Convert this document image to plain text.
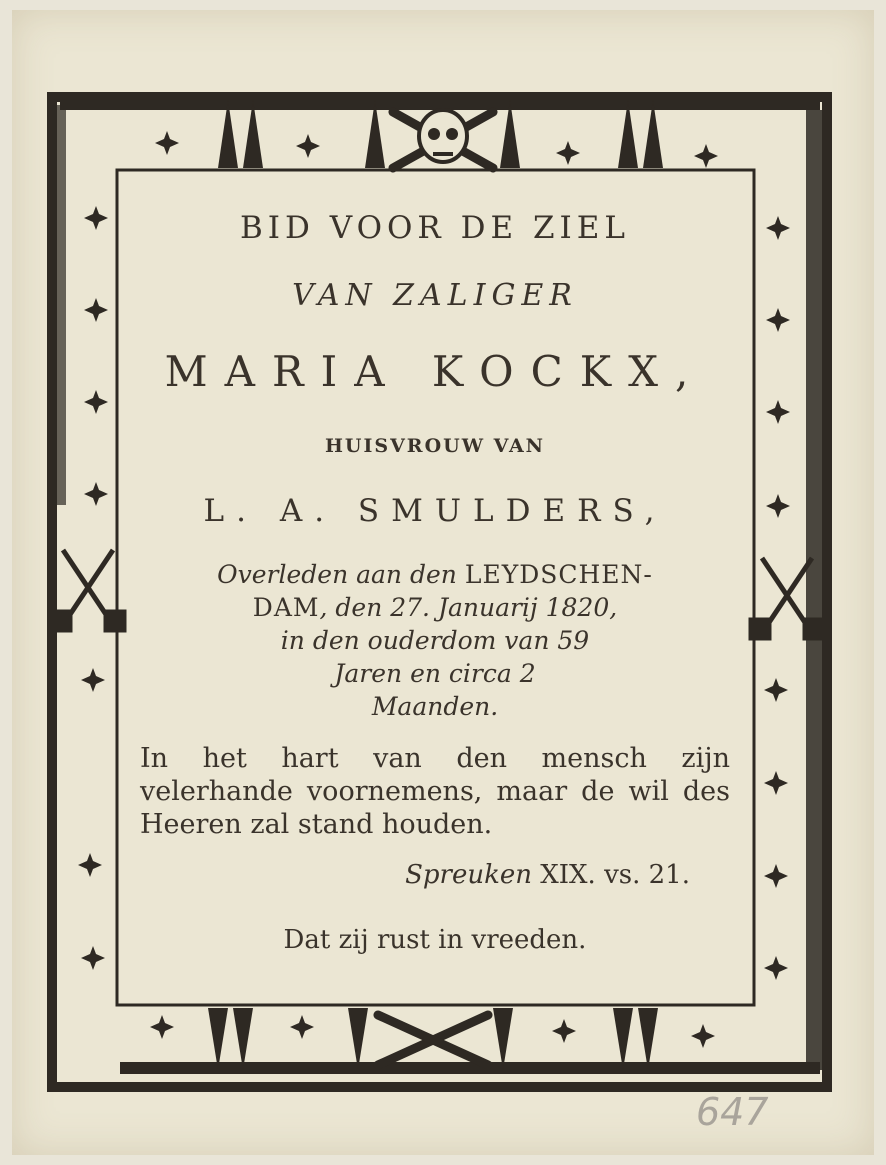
BID VOOR DE ZIEL
VAN ZALIGER
MARIA KOCKX,
HUISVROUW VAN
L. A. SMULDERS,
Overleden aan den LEYDSCHEN-
DAM, den 27. Januarij 1820,
in den ouderdom van 59
Jaren en circa 2
Maanden.
In het hart van den mensch zijn velerhande voornemens, maar de wil des Heeren zal stand houden.
Spreuken XIX. vs. 21.
Dat zij rust in vreeden.
647
